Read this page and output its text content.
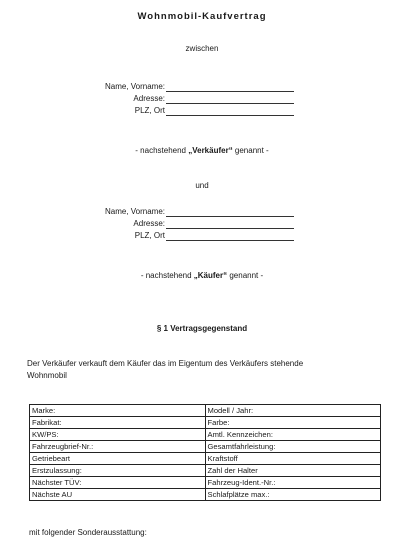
Wohnmobil-Kaufvertrag
zwischen
Name, Vorname:
Adresse:
PLZ, Ort
- nachstehend „Verkäufer“ genannt -
und
Name, Vorname:
Adresse:
PLZ, Ort
- nachstehend „Käufer“ genannt -
§ 1 Vertragsgegenstand
Der Verkäufer verkauft dem Käufer das im Eigentum des Verkäufers stehende
Wohnmobil
Marke:	Modell / Jahr:
Fabrikat:	Farbe:
KW/PS:	Amtl. Kennzeichen:
Fahrzeugbrief-Nr.:	Gesamtfahrleistung:
Getriebeart	Kraftstoff
Erstzulassung:	Zahl der Halter
Nächster TÜV:	Fahrzeug-Ident.-Nr.:
Nächste AU	Schlafplätze max.:
mit folgender Sonderausstattung:
